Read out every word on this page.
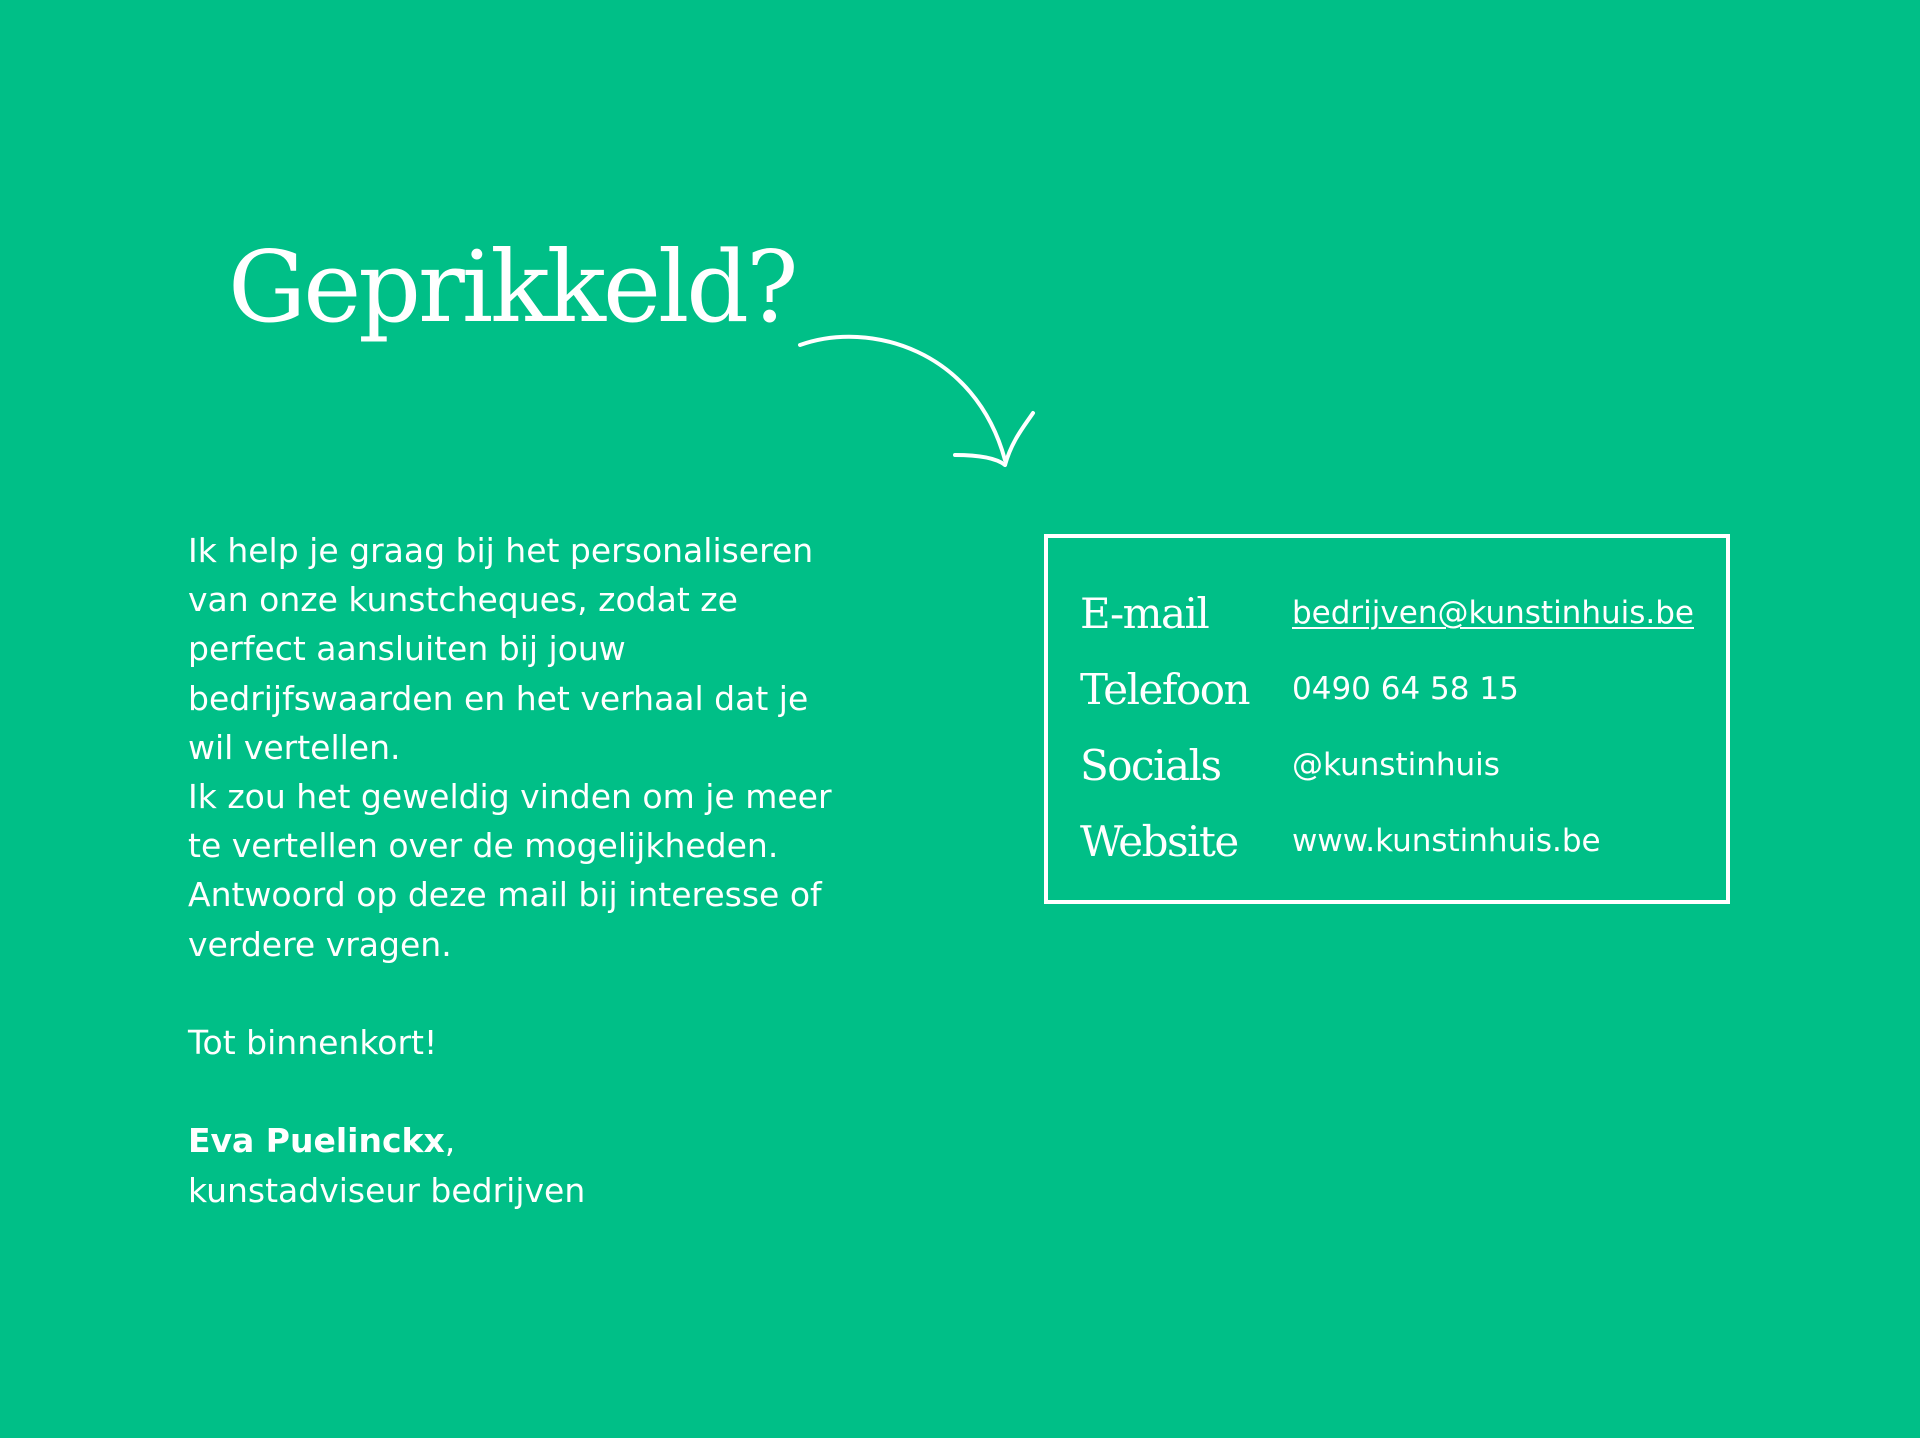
Geprikkeld?

Ik help je graag bij het personaliseren

van onze kunstcheques, zodat ze

perfect aansluiten bij jouw

bedrijfswaarden en het verhaal dat je

wil vertellen.

Ik zou het geweldig vinden om je meer

te vertellen over de mogelijkheden.

Antwoord op deze mail bij interesse of

verdere vragen.

Tot binnenkort!

Eva Puelinckx,

kunstadviseur bedrijven

E-mail	bedrijven@kunstinhuis.be
Telefoon	0490 64 58 15
Socials	@kunstinhuis
Website	www.kunstinhuis.be
